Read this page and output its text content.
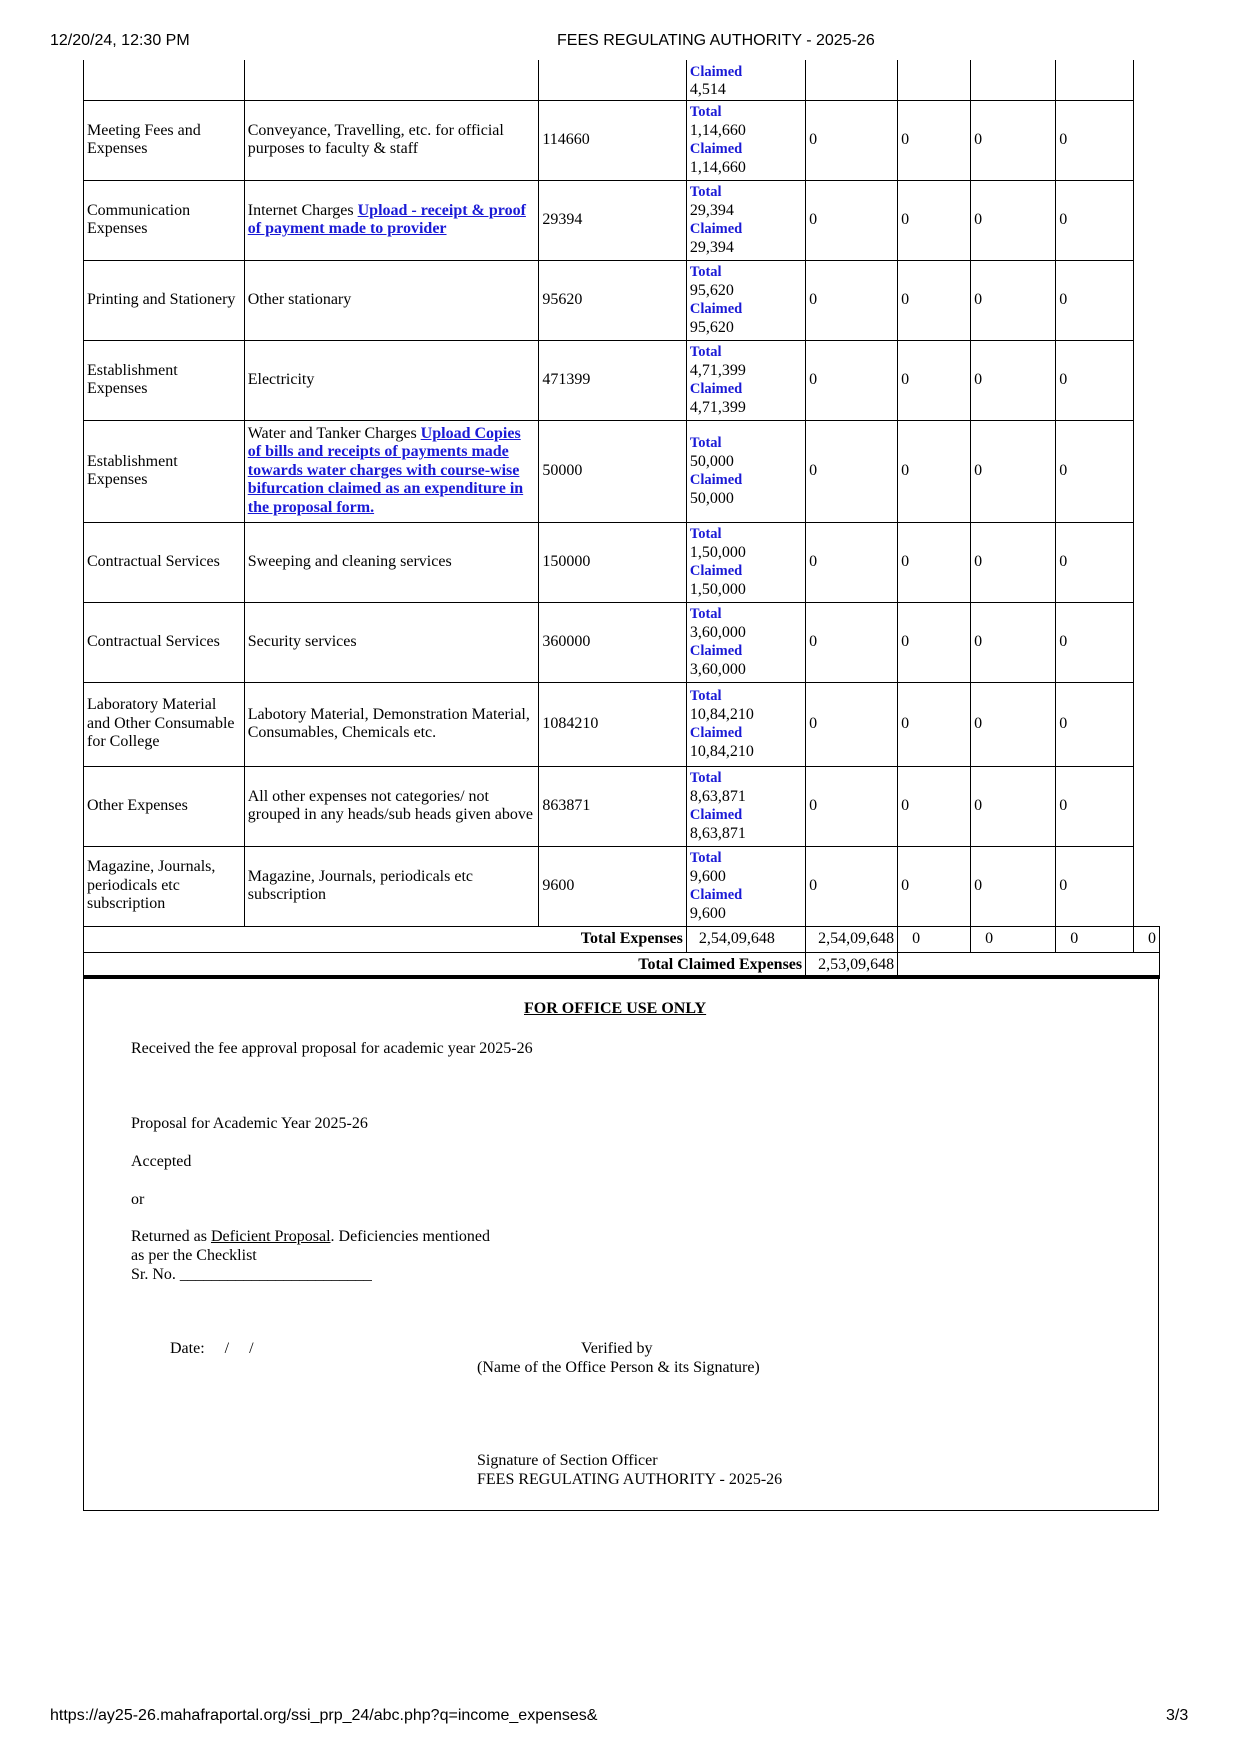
12/20/24, 12:30 PM	FEES REGULATING AUTHORITY - 2025-26

			Claimed
4,514					

Meeting Fees and Expenses	Conveyance, Travelling, etc. for official purposes to faculty & staff	114660	Total
1,14,660
Claimed
1,14,660	0	0	0	0	
Communication Expenses	Internet Charges Upload - receipt & proof of payment made to provider	29394	Total
29,394
Claimed
29,394	0	0	0	0	
Printing and Stationery	Other stationary	95620	Total
95,620
Claimed
95,620	0	0	0	0	
Establishment Expenses	Electricity	471399	Total
4,71,399
Claimed
4,71,399	0	0	0	0	
Establishment Expenses	Water and Tanker Charges Upload Copies of bills and receipts of payments made towards water charges with course-wise bifurcation claimed as an expenditure in the proposal form.	50000	Total
50,000
Claimed
50,000	0	0	0	0	
Contractual Services	Sweeping and cleaning services	150000	Total
1,50,000
Claimed
1,50,000	0	0	0	0	
Contractual Services	Security services	360000	Total
3,60,000
Claimed
3,60,000	0	0	0	0	
Laboratory Material and Other Consumable for College	Labotory Material, Demonstration Material, Consumables, Chemicals etc.	1084210	Total
10,84,210
Claimed
10,84,210	0	0	0	0	
Other Expenses	All other expenses not categories/ not grouped in any heads/sub heads given above	863871	Total
8,63,871
Claimed
8,63,871	0	0	0	0	
Magazine, Journals, periodicals etc subscription	Magazine, Journals, periodicals etc subscription	9600	Total
9,600
Claimed
9,600	0	0	0	0	
Total Expenses			2,54,09,648	2,54,09,648	0	0	0	0
Total Claimed Expenses				2,53,09,648				
FOR OFFICE USE ONLY
Received the fee approval proposal for academic year 2025-26
Proposal for Academic Year 2025-26
Accepted
or
Returned as Deficient Proposal. Deficiencies mentioned
as per the Checklist
Sr. No. ________________________
Date:     /     /	Verified by
(Name of the Office Person & its Signature)
Signature of Section Officer
FEES REGULATING AUTHORITY - 2025-26
https://ay25-26.mahafraportal.org/ssi_prp_24/abc.php?q=income_expenses&	3/3
